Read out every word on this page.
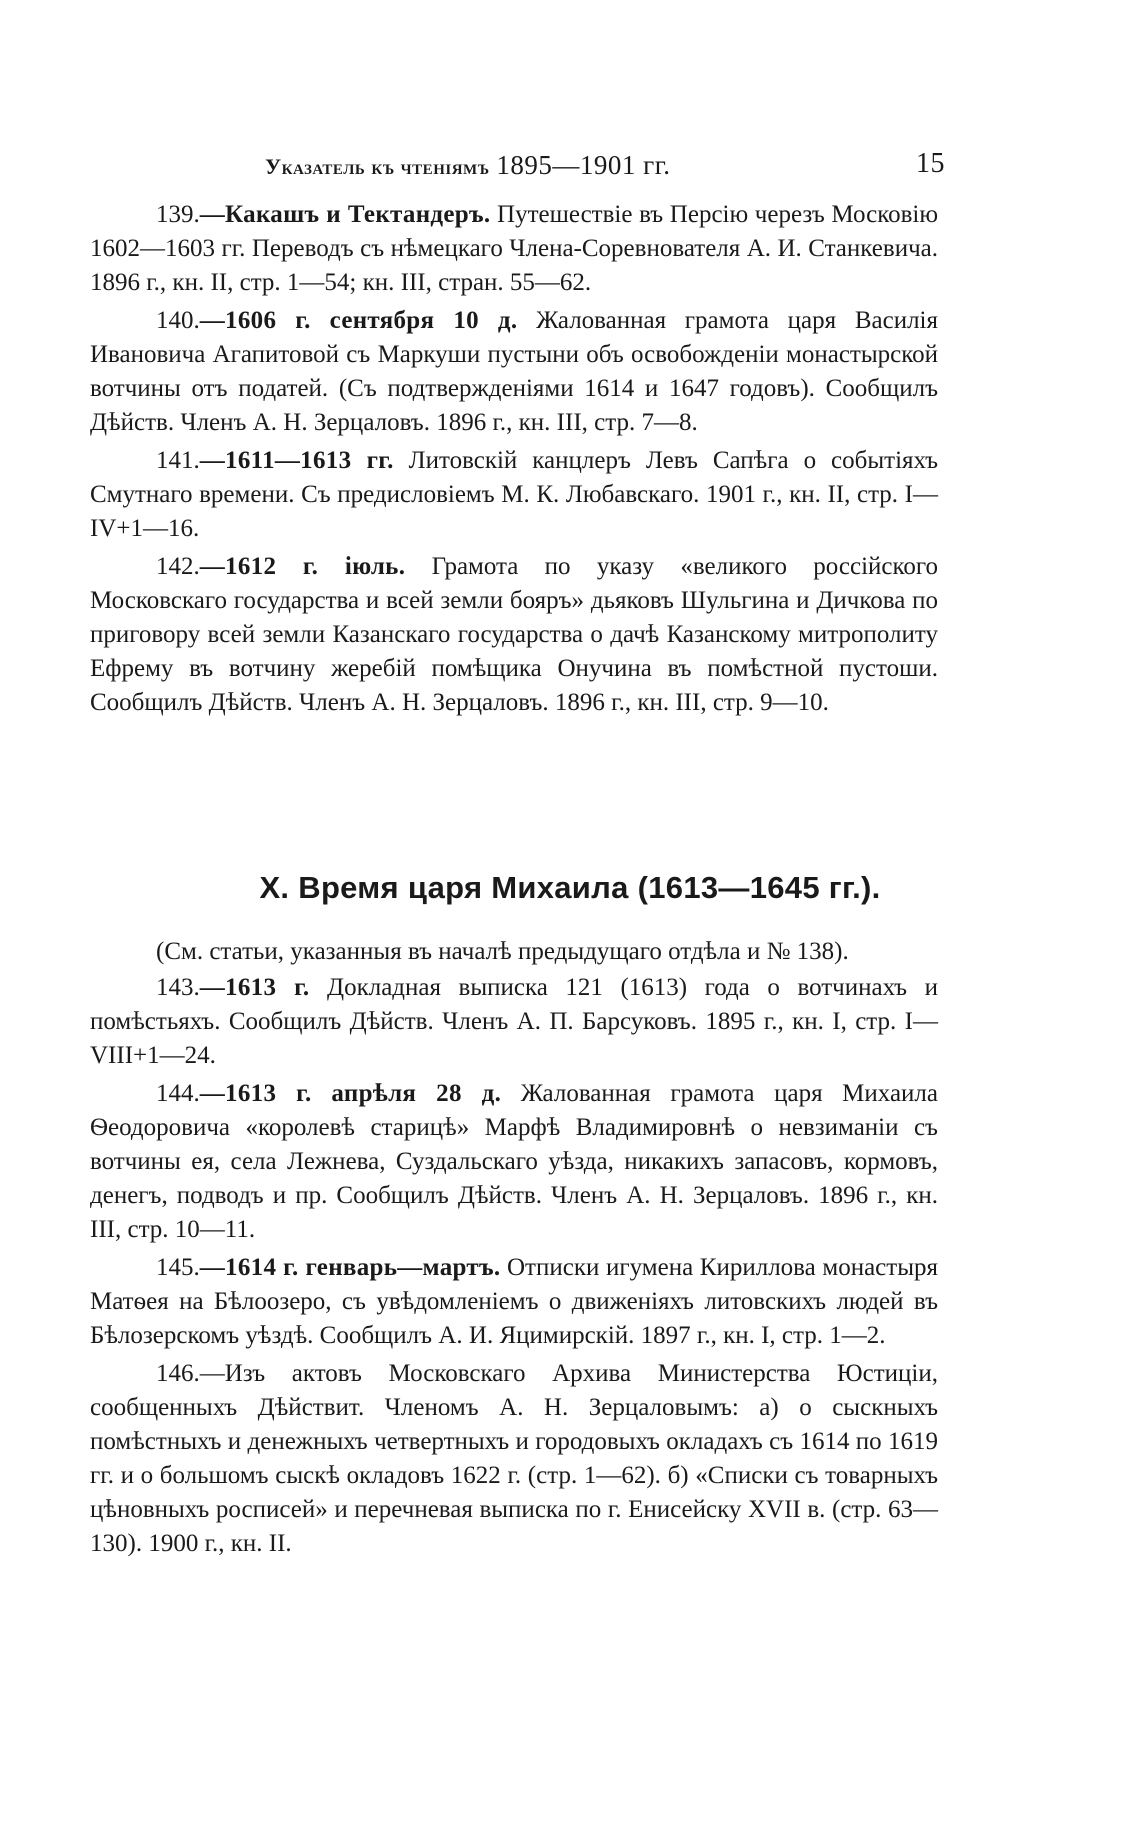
Указатель къ чтеніямъ 1895—1901 гг.	15

139.—Какашъ и Тектандеръ. Путешествіе въ Персію черезъ Московію 1602—1603 гг. Переводъ съ нѣмецкаго Члена-Соревнователя А. И. Станкевича. 1896 г., кн. II, стр. 1—54; кн. III, стран. 55—62.

140.—1606 г. сентября 10 д. Жалованная грамота царя Василія Ивановича Агапитовой съ Маркуши пустыни объ освобожденіи монастырской вотчины отъ податей. (Съ подтвержденіями 1614 и 1647 годовъ). Сообщилъ Дѣйств. Членъ А. Н. Зерцаловъ. 1896 г., кн. III, стр. 7—8.

141.—1611—1613 гг. Литовскій канцлеръ Левъ Сапѣга о событіяхъ Смутнаго времени. Съ предисловіемъ М. К. Любавскаго. 1901 г., кн. II, стр. I—IV+1—16.

142.—1612 г. іюль. Грамота по указу «великого россійского Московскаго государства и всей земли бояръ» дьяковъ Шульгина и Дичкова по приговору всей земли Казанскаго государства о дачѣ Казанскому митрополиту Ефрему въ вотчину жеребій помѣщика Онучина въ помѣстной пустоши. Сообщилъ Дѣйств. Членъ А. Н. Зерцаловъ. 1896 г., кн. III, стр. 9—10.

X. Время царя Михаила (1613—1645 гг.).

(См. статьи, указанныя въ началѣ предыдущаго отдѣла и № 138).

143.—1613 г. Докладная выписка 121 (1613) года о вотчинахъ и помѣстьяхъ. Сообщилъ Дѣйств. Членъ А. П. Барсуковъ. 1895 г., кн. I, стр. I—VIII+1—24.

144.—1613 г. апрѣля 28 д. Жалованная грамота царя Михаила Ѳеодоровича «королевѣ старицѣ» Марфѣ Владимировнѣ о невзиманіи съ вотчины ея, села Лежнева, Суздальскаго уѣзда, никакихъ запасовъ, кормовъ, денегъ, подводъ и пр. Сообщилъ Дѣйств. Членъ А. Н. Зерцаловъ. 1896 г., кн. III, стр. 10—11.

145.—1614 г. генварь—мартъ. Отписки игумена Кириллова монастыря Матѳея на Бѣлоозеро, съ увѣдомленіемъ о движеніяхъ литовскихъ людей въ Бѣлозерскомъ уѣздѣ. Сообщилъ А. И. Яцимирскій. 1897 г., кн. I, стр. 1—2.

146.—Изъ актовъ Московскаго Архива Министерства Юстиціи, сообщенныхъ Дѣйствит. Членомъ А. Н. Зерцаловымъ: а) о сыскныхъ помѣстныхъ и денежныхъ четвертныхъ и городовыхъ окладахъ съ 1614 по 1619 гг. и о большомъ сыскѣ окладовъ 1622 г. (стр. 1—62). б) «Списки съ товарныхъ цѣновныхъ росписей» и перечневая выписка по г. Енисейску XVII в. (стр. 63—130). 1900 г., кн. II.
